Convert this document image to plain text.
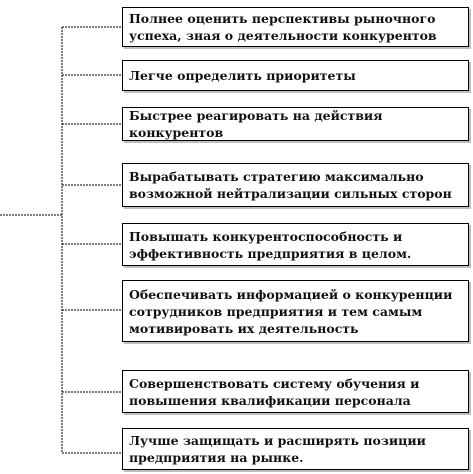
Полнее оценить перспективы рыночного успеха, зная о деятельности конкурентов
Легче определить приоритеты
Быстрее реагировать на действия конкурентов
Вырабатывать стратегию максимально возможной нейтрализации сильных сторон
Повышать конкурентоспособность и эффективность предприятия в целом.
Обеспечивать информацией о конкуренции сотрудников предприятия и тем самым мотивировать их деятельность
Совершенствовать систему обучения и повышения квалификации персонала
Лучше защищать и расширять позиции предприятия на рынке.
